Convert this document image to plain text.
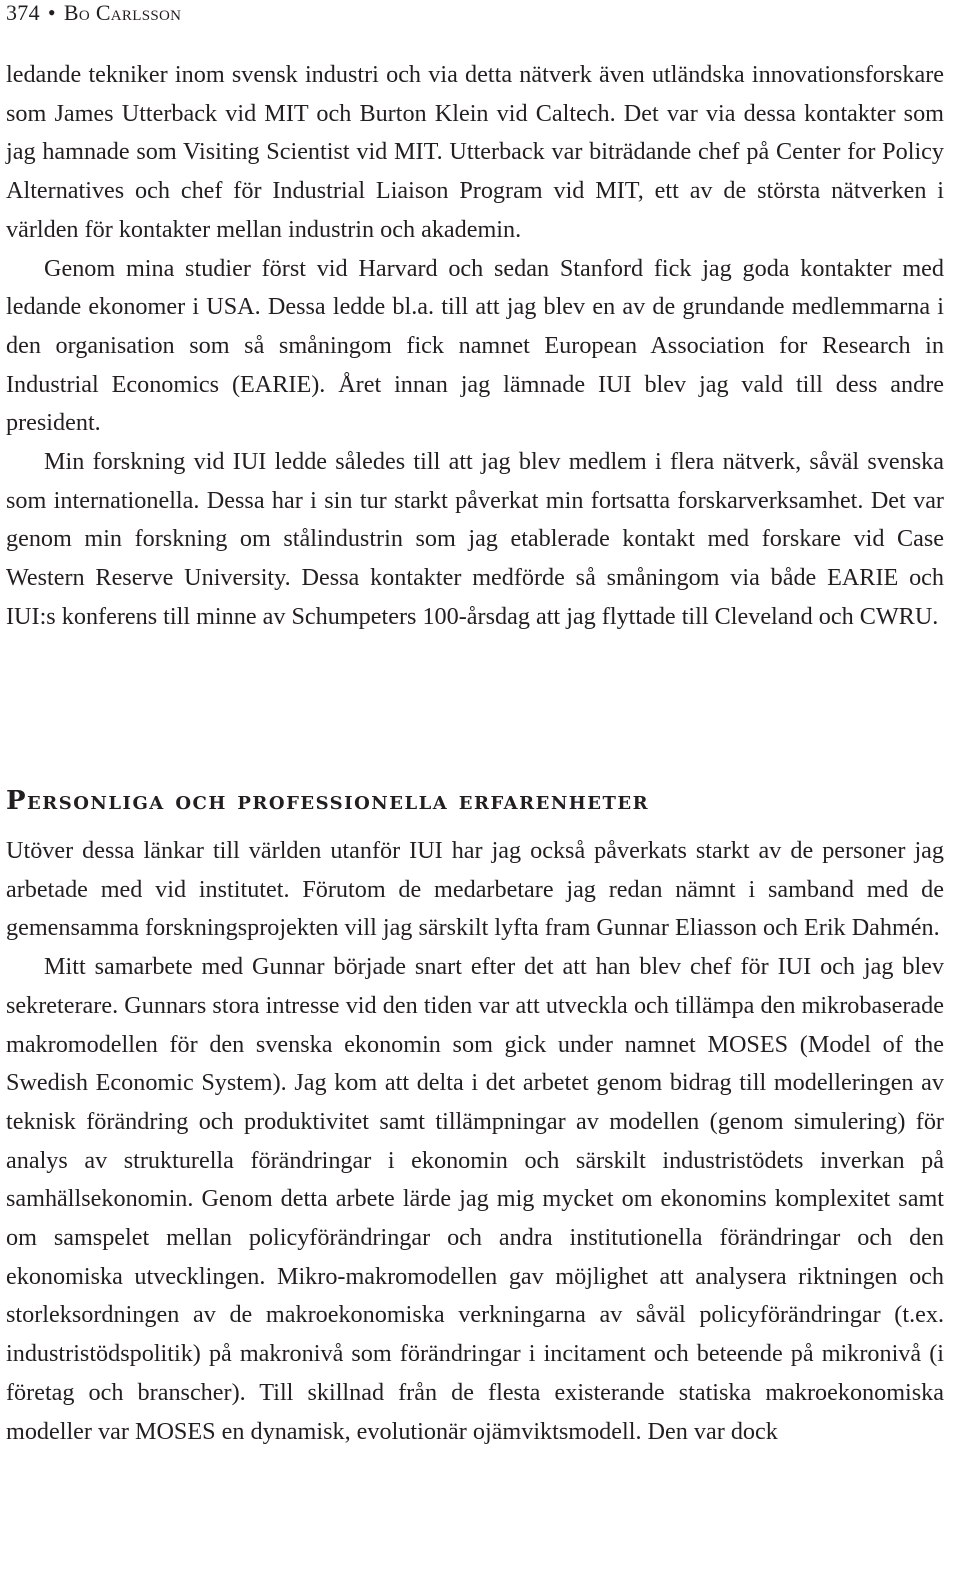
374 • Bo Carlsson

ledande tekniker inom svensk industri och via detta nätverk även utländska innovationsforskare som James Utterback vid MIT och Burton Klein vid Caltech. Det var via dessa kontakter som jag hamnade som Visiting Scientist vid MIT. Utterback var biträdande chef på Center for Policy Alternatives och chef för Industrial Liaison Program vid MIT, ett av de största nätverken i världen för kontakter mellan industrin och akademin.

Genom mina studier först vid Harvard och sedan Stanford fick jag goda kontakter med ledande ekonomer i USA. Dessa ledde bl.a. till att jag blev en av de grundande medlemmarna i den organisation som så småningom fick namnet European Association for Research in Industrial Economics (EARIE). Året innan jag lämnade IUI blev jag vald till dess andre president.

Min forskning vid IUI ledde således till att jag blev medlem i flera nätverk, såväl svenska som internationella. Dessa har i sin tur starkt påverkat min fortsatta forskarverksamhet. Det var genom min forskning om stålindustrin som jag etablerade kontakt med forskare vid Case Western Reserve University. Dessa kontakter medförde så småningom via både EARIE och IUI:s konferens till minne av Schumpeters 100-årsdag att jag flyttade till Cleveland och CWRU.

Personliga och professionella erfarenheter

Utöver dessa länkar till världen utanför IUI har jag också påverkats starkt av de personer jag arbetade med vid institutet. Förutom de medarbetare jag redan nämnt i samband med de gemensamma forskningsprojekten vill jag särskilt lyfta fram Gunnar Eliasson och Erik Dahmén.

Mitt samarbete med Gunnar började snart efter det att han blev chef för IUI och jag blev sekreterare. Gunnars stora intresse vid den tiden var att utveckla och tillämpa den mikrobaserade makromodellen för den svenska ekonomin som gick under namnet MOSES (Model of the Swedish Economic System). Jag kom att delta i det arbetet genom bidrag till modelleringen av teknisk förändring och produktivitet samt tillämpningar av modellen (genom simulering) för analys av strukturella förändringar i ekonomin och särskilt industristödets inverkan på samhällsekonomin. Genom detta arbete lärde jag mig mycket om ekonomins komplexitet samt om samspelet mellan policyförändringar och andra institutionella förändringar och den ekonomiska utvecklingen. Mikro-makromodellen gav möjlighet att analysera riktningen och storleksordningen av de makroekonomiska verkningarna av såväl policyförändringar (t.ex. industristödspolitik) på makronivå som förändringar i incitament och beteende på mikronivå (i företag och branscher). Till skillnad från de flesta existerande statiska makroekonomiska modeller var MOSES en dynamisk, evolutionär ojämviktsmodell. Den var dock
